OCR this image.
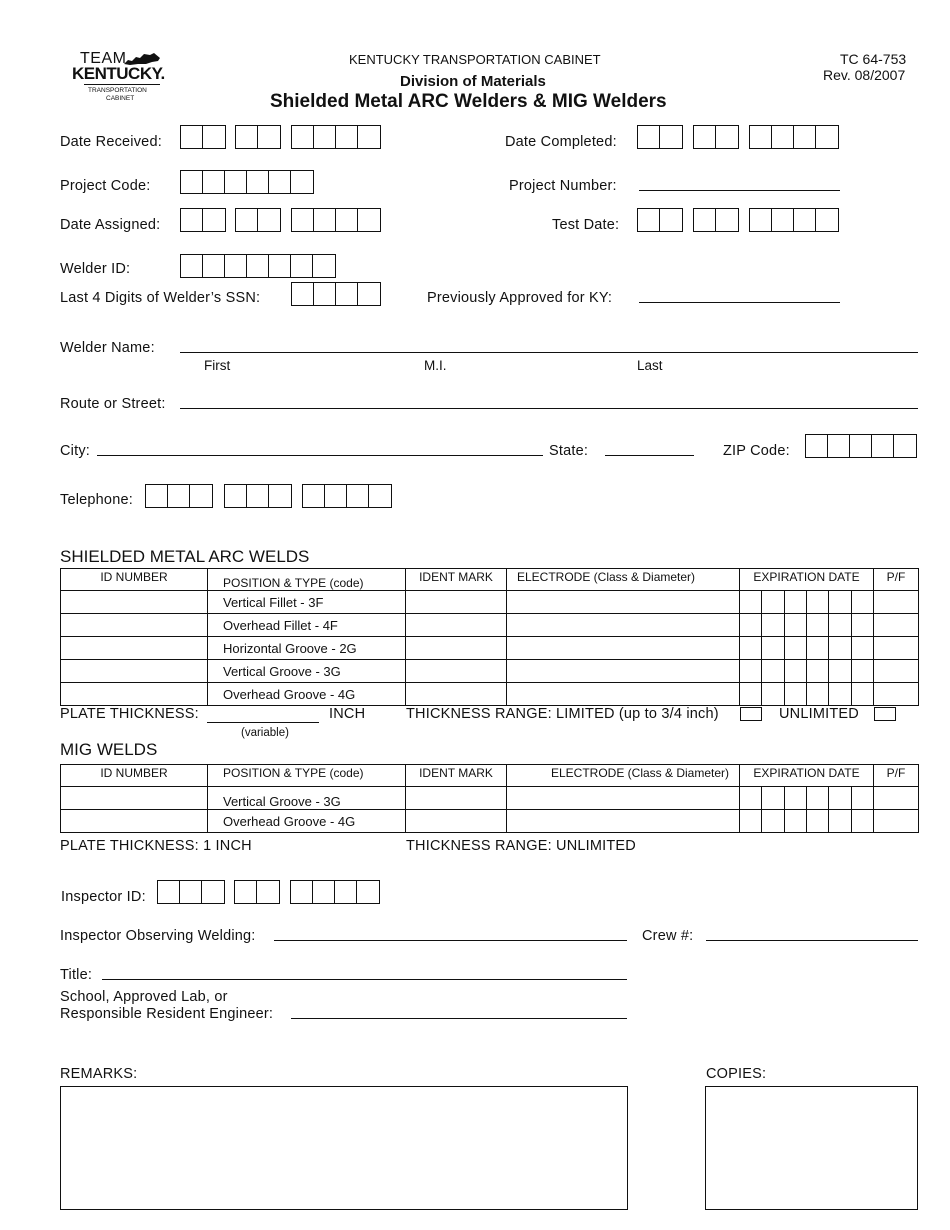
TEAM
KENTUCKY.
TRANSPORTATION
CABINET
KENTUCKY TRANSPORTATION CABINET
Division of Materials
Shielded Metal ARC Welders & MIG Welders
TC 64-753
Rev. 08/2007
Date Received:	Date Completed:
Project Code:	Project Number:
Date Assigned:	Test Date:
Welder ID:
Last 4 Digits of Welder’s SSN:	Previously Approved for KY:
Welder Name:
First	M.I.	Last
Route or Street:
City:	State:	ZIP Code:
Telephone:
SHIELDED METAL ARC WELDS
ID NUMBER	POSITION & TYPE (code)	IDENT MARK	ELECTRODE (Class & Diameter)	EXPIRATION DATE	P/F
	Vertical Fillet - 3F			

	Overhead Fillet - 4F			

	Horizontal Groove - 2G			

	Vertical Groove - 3G			

	Overhead Groove - 4G			

PLATE THICKNESS:	INCH
(variable)
THICKNESS RANGE: LIMITED (up to 3/4 inch)	UNLIMITED
MIG WELDS
ID NUMBER	POSITION & TYPE (code)	IDENT MARK	ELECTRODE (Class & Diameter)	EXPIRATION DATE	P/F
	Vertical Groove - 3G			

	Overhead Groove - 4G			

PLATE THICKNESS: 1 INCH	THICKNESS RANGE: UNLIMITED
Inspector ID:
Inspector Observing Welding:	Crew #:
Title:
School, Approved Lab, or
Responsible Resident Engineer:
REMARKS:	COPIES:
